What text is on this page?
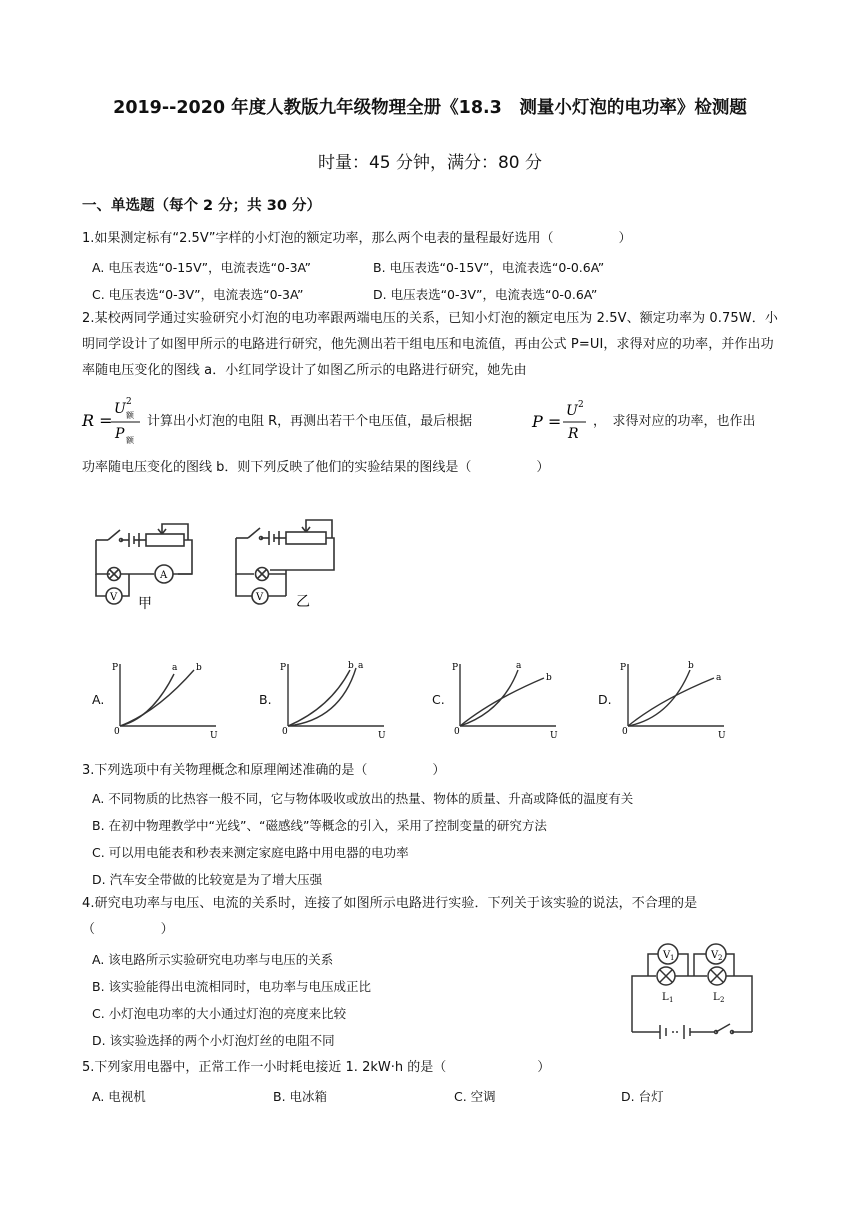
2019--2020 年度人教版九年级物理全册《18.3　测量小灯泡的电功率》检测题
时量：45 分钟，满分：80 分
一、单选题（每个 2 分；共 30 分）
1.如果测定标有“2.5V”字样的小灯泡的额定功率，那么两个电表的量程最好选用（　　　　　）
A. 电压表选“0-15V”，电流表选“0-3A”	B. 电压表选“0-15V”，电流表选“0-0.6A”
C. 电压表选“0-3V”，电流表选“0-3A”	D. 电压表选“0-3V”，电流表选“0-0.6A”
2.某校两同学通过实验研究小灯泡的电功率跟两端电压的关系，已知小灯泡的额定电压为 2.5V、额定功率为 0.75W．小明同学设计了如图甲所示的电路进行研究，他先测出若干组电压和电流值，再由公式 P=UI，求得对应的功率，并作出功率随电压变化的图线 a．小红同学设计了如图乙所示的电路进行研究，她先由
R =
U 2
额
P 额
计算出小灯泡的电阻 R，再测出若干个电压值，最后根据	P =
U 2
R
，　求得对应的功率，也作出
功率随电压变化的图线 b．则下列反映了他们的实验结果的图线是（　　　　　）
A
V 甲	V 乙
A.	B.	C.	D.
P
U
0
a b	P
U
0
b a	P
U
0
a
b
P
U
0
b
a
3.下列选项中有关物理概念和原理阐述准确的是（　　　　　）
A. 不同物质的比热容一般不同，它与物体吸收或放出的热量、物体的质量、升高或降低的温度有关
B. 在初中物理教学中“光线”、“磁感线”等概念的引入，采用了控制变量的研究方法
C. 可以用电能表和秒表来测定家庭电路中用电器的电功率
D. 汽车安全带做的比较宽是为了增大压强
4.研究电功率与电压、电流的关系时，连接了如图所示电路进行实验．下列关于该实验的说法，不合理的是（　　　　　）
A. 该电路所示实验研究电功率与电压的关系
B. 该实验能得出电流相同时，电功率与电压成正比
C. 小灯泡电功率的大小通过灯泡的亮度来比较
D. 该实验选择的两个小灯泡灯丝的电阻不同
V 1	V 2
L 1	L 2
5.下列家用电器中，正常工作一小时耗电接近 1. 2kW·h 的是（　　　　　　　）
A. 电视机	B. 电冰箱	C. 空调	D. 台灯
